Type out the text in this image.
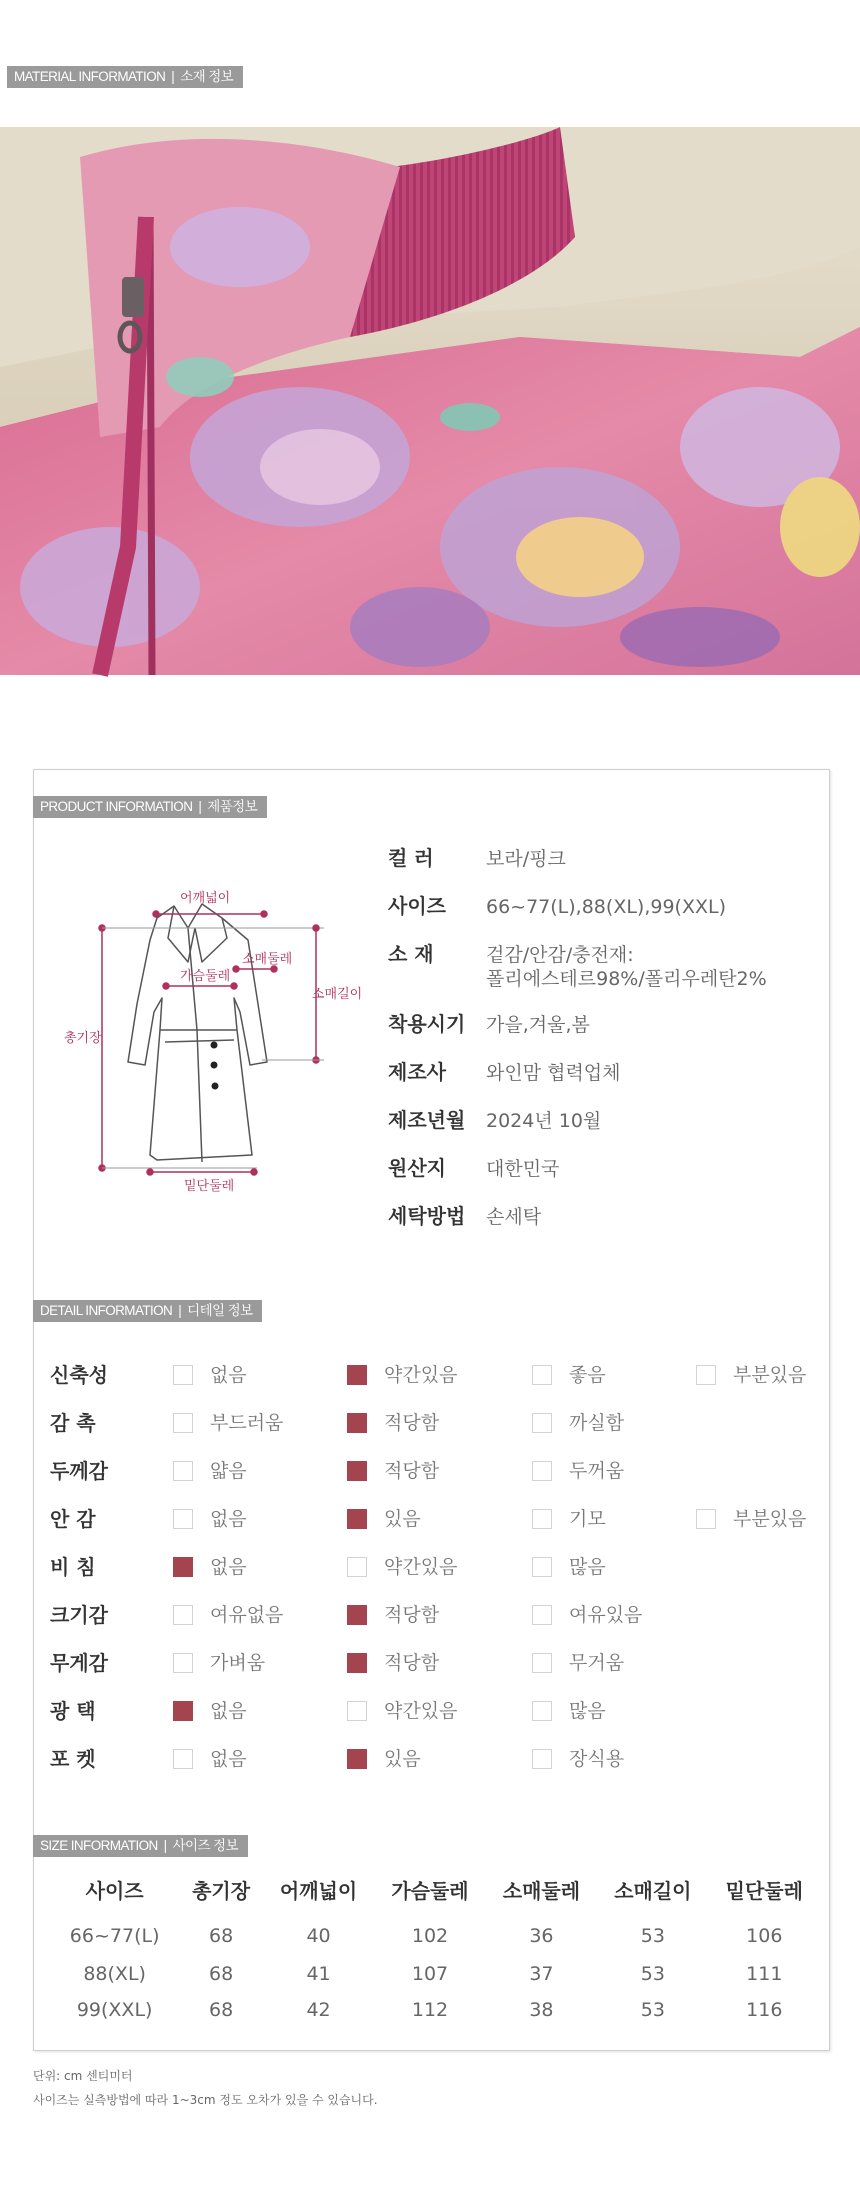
MATERIAL INFORMATION | 소재 정보
PRODUCT INFORMATION | 제품정보
어깨넓이
소매둘레
가슴둘레
소매길이
총기장
밑단둘레
컬 러	보라/핑크
사이즈	66~77(L),88(XL),99(XXL)
소 재	겉감/안감/충전재:
폴리에스테르98%/폴리우레탄2%
착용시기	가을,겨울,봄
제조사	와인맘 협력업체
제조년월	2024년 10월
원산지	대한민국
세탁방법	손세탁
DETAIL INFORMATION | 디테일 정보
신축성	없음	약간있음	좋음	부분있음
감 촉	부드러움	적당함	까실함
두께감	얇음	적당함	두꺼움
안 감	없음	있음	기모	부분있음
비 침	없음	약간있음	많음
크기감	여유없음	적당함	여유있음
무게감	가벼움	적당함	무거움
광 택	없음	약간있음	많음
포 켓	없음	있음	장식용
SIZE INFORMATION | 사이즈 정보
사이즈	총기장	어깨넓이	가슴둘레	소매둘레	소매길이	밑단둘레
66~77(L)	68	40	102	36	53	106
88(XL)	68	41	107	37	53	111
99(XXL)	68	42	112	38	53	116
단위: cm 센티미터
사이즈는 실측방법에 따라 1~3cm 정도 오차가 있을 수 있습니다.
